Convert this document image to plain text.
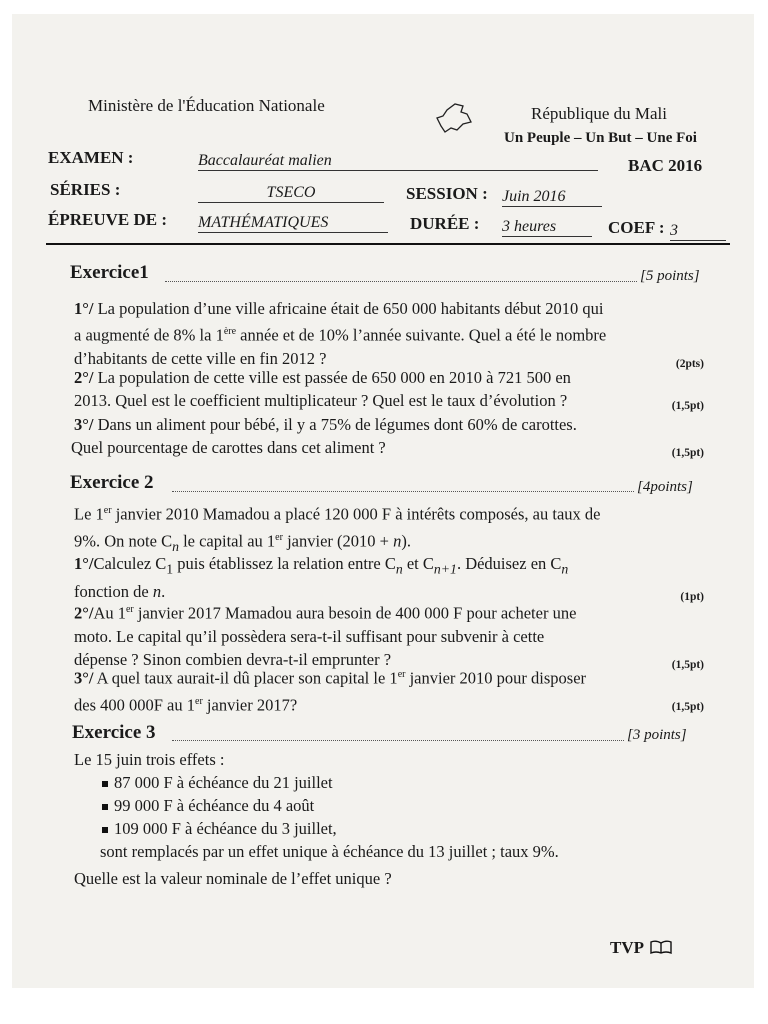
Ministère de l'Éducation Nationale	République du Mali
Un Peuple – Un But – Une Foi
EXAMEN :	Baccalauréat malien	BAC 2016
SÉRIES :	TSECO	SESSION : Juin 2016
ÉPREUVE DE : MATHÉMATIQUES	DURÉE : 3 heures	COEF : 3
Exercice1	[5 points]
1°/ La population d’une ville africaine était de 650 000 habitants début 2010 qui
a augmenté de 8% la 1ère année et de 10% l’année suivante. Quel a été le nombre
d’habitants de cette ville en fin 2012 ?	(2pts)
2°/ La population de cette ville est passée de 650 000 en 2010 à 721 500 en
2013. Quel est le coefficient multiplicateur ? Quel est le taux d’évolution ?	(1,5pt)
3°/ Dans un aliment pour bébé, il y a 75% de légumes dont 60% de carottes.
Quel pourcentage de carottes dans cet aliment ?	(1,5pt)
Exercice 2	[4points]
Le 1er janvier 2010 Mamadou a placé 120 000 F à intérêts composés, au taux de
9%. On note $C_n$ le capital au 1er janvier (2010 + n).
1°/Calculez $C_1$ puis établissez la relation entre $C_n$ et $C_{n+1}$. Déduisez en $C_n$
fonction de n.	(1pt)
2°/Au 1er janvier 2017 Mamadou aura besoin de 400 000 F pour acheter une
moto. Le capital qu’il possèdera sera-t-il suffisant pour subvenir à cette
dépense ? Sinon combien devra-t-il emprunter ?	(1,5pt)
3°/ A quel taux aurait-il dû placer son capital le 1er janvier 2010 pour disposer
des 400 000F au 1er janvier 2017?	(1,5pt)
Exercice 3	[3 points]
Le 15 juin trois effets :
87 000 F à échéance du 21 juillet
99 000 F à échéance du 4 août
109 000 F à échéance du 3 juillet,
sont remplacés par un effet unique à échéance du 13 juillet ; taux 9%.
Quelle est la valeur nominale de l’effet unique ?
TVP
